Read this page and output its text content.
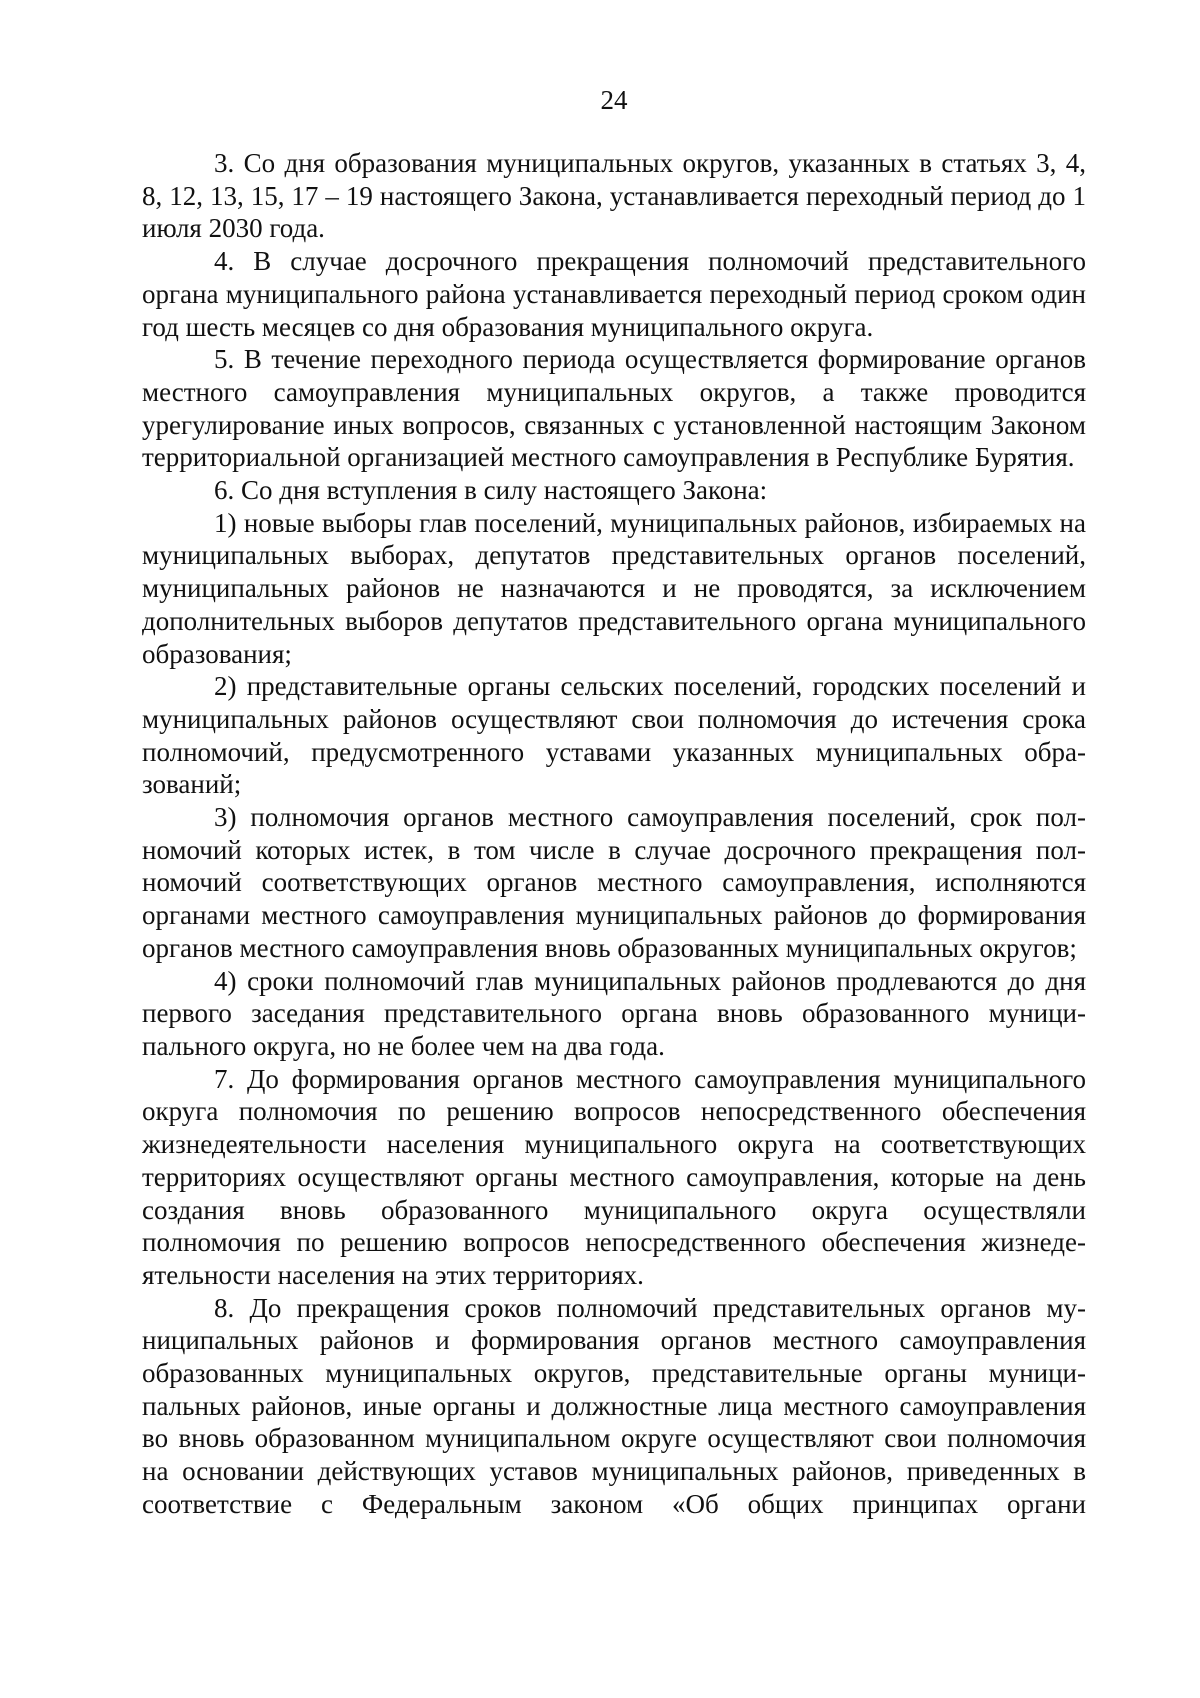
24

3. Со дня образования муниципальных округов, указанных в статьях 3, 4, 8, 12, 13, 15, 17 – 19 настоящего Закона, устанавливается переходный период до 1 июля 2030 года.

4. В случае досрочного прекращения полномочий представительного органа муниципального района устанавливается переходный период сроком один год шесть месяцев со дня образования муниципального округа.

5. В течение переходного периода осуществляется формирование органов местного самоуправления муниципальных округов, а также проводится урегулирование иных вопросов, связанных с установленной настоящим Законом территориальной организацией местного самоуправления в Республике Бурятия.

6. Со дня вступления в силу настоящего Закона:

1) новые выборы глав поселений, муниципальных районов, избираемых на муниципальных выборах, депутатов представительных органов поселений, муниципальных районов не назначаются и не проводятся, за исключением дополнительных выборов депутатов представительного органа муниципального образования;

2) представительные органы сельских поселений, городских поселений и муниципальных районов осуществляют свои полномочия до истечения срока полномочий, предусмотренного уставами указанных муниципальных образований;

3) полномочия органов местного самоуправления поселений, срок полномочий которых истек, в том числе в случае досрочного прекращения полномочий соответствующих органов местного самоуправления, исполняются органами местного самоуправления муниципальных районов до формирования органов местного самоуправления вновь образованных муниципальных округов;

4) сроки полномочий глав муниципальных районов продлеваются до дня первого заседания представительного органа вновь образованного муниципального округа, но не более чем на два года.

7. До формирования органов местного самоуправления муниципального округа полномочия по решению вопросов непосредственного обеспечения жизнедеятельности населения муниципального округа на соответствующих территориях осуществляют органы местного самоуправления, которые на день создания вновь образованного муниципального округа осуществляли полномочия по решению вопросов непосредственного обеспечения жизнедеятельности населения на этих территориях.

8. До прекращения сроков полномочий представительных органов муниципальных районов и формирования органов местного самоуправления образованных муниципальных округов, представительные органы муниципальных районов, иные органы и должностные лица местного самоуправления во вновь образованном муниципальном округе осуществляют свои полномочия на основании действующих уставов муниципальных районов, приведенных в соответствие с Федеральным законом «Об общих принципах органи
